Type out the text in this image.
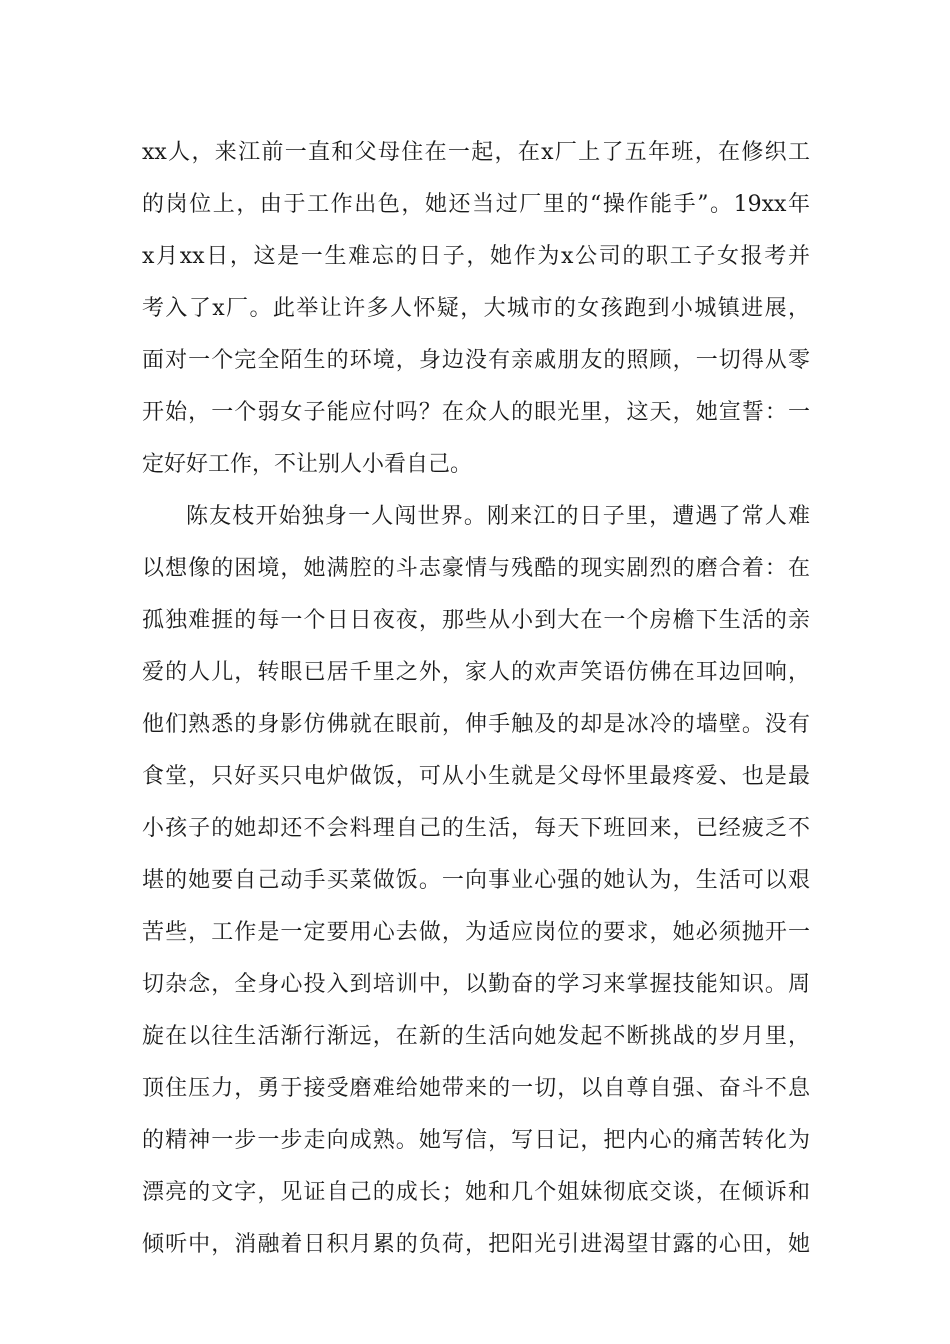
xx人，来江前一直和父母住在一起，在x厂上了五年班，在修织工
的岗位上，由于工作出色，她还当过厂里的“操作能手”。19xx年
x月xx日，这是一生难忘的日子，她作为x公司的职工子女报考并
考入了x厂。此举让许多人怀疑，大城市的女孩跑到小城镇进展，
面对一个完全陌生的环境，身边没有亲戚朋友的照顾，一切得从零
开始，一个弱女子能应付吗？在众人的眼光里，这天，她宣誓：一
定好好工作，不让别人小看自己。
陈友枝开始独身一人闯世界。刚来江的日子里，遭遇了常人难
以想像的困境，她满腔的斗志豪情与残酷的现实剧烈的磨合着：在
孤独难捱的每一个日日夜夜，那些从小到大在一个房檐下生活的亲
爱的人儿，转眼已居千里之外，家人的欢声笑语仿佛在耳边回响，
他们熟悉的身影仿佛就在眼前，伸手触及的却是冰冷的墙壁。没有
食堂，只好买只电炉做饭，可从小生就是父母怀里最疼爱、也是最
小孩子的她却还不会料理自己的生活，每天下班回来，已经疲乏不
堪的她要自己动手买菜做饭。一向事业心强的她认为，生活可以艰
苦些，工作是一定要用心去做，为适应岗位的要求，她必须抛开一
切杂念，全身心投入到培训中，以勤奋的学习来掌握技能知识。周
旋在以往生活渐行渐远，在新的生活向她发起不断挑战的岁月里，
顶住压力，勇于接受磨难给她带来的一切，以自尊自强、奋斗不息
的精神一步一步走向成熟。她写信，写日记，把内心的痛苦转化为
漂亮的文字，见证自己的成长；她和几个姐妹彻底交谈，在倾诉和
倾听中，消融着日积月累的负荷，把阳光引进渴望甘露的心田，她
